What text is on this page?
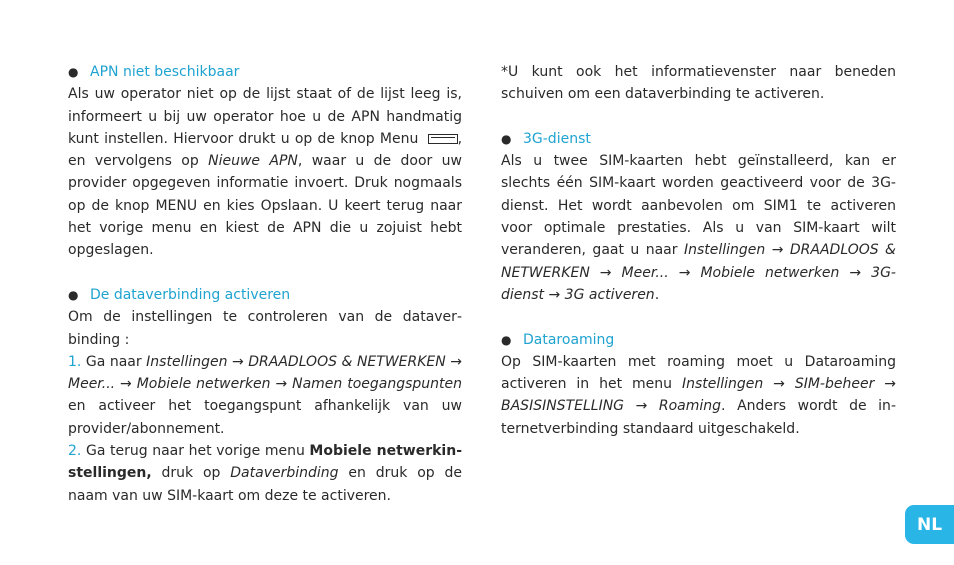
● APN niet beschikbaar

Als uw operator niet op de lijst staat of de lijst leeg is, informeert u bij uw operator hoe u de APN handmatig kunt instellen. Hiervoor drukt u op de knop Menu	, en vervolgens op Nieuwe APN, waar u de door uw provider opgegeven informatie invoert. Druk nogmaals op de knop MENU en kies Opslaan. U keert terug naar het vorige menu en kiest de APN die u zojuist hebt opgeslagen.

● De dataverbinding activeren

Om de instellingen te controleren van de dataverbinding :

1. Ga naar Instellingen → DRAADLOOS & NETWERKEN → Meer... → Mobiele netwerken → Namen toegangspunten en activeer het toegangspunt afhankelijk van uw provider/abonnement.

2. Ga terug naar het vorige menu Mobiele netwerkinstellingen, druk op Dataverbinding en druk op de naam van uw SIM-kaart om deze te activeren.

*U kunt ook het informatievenster naar beneden schuiven om een dataverbinding te activeren.

● 3G-dienst

Als u twee SIM-kaarten hebt geïnstalleerd, kan er slechts één SIM-kaart worden geactiveerd voor de 3G-dienst. Het wordt aanbevolen om SIM1 te activeren voor optimale prestaties. Als u van SIM-kaart wilt veranderen, gaat u naar Instellingen → DRAADLOOS & NETWERKEN → Meer... → Mobiele netwerken → 3G-dienst → 3G activeren.

● Dataroaming

Op SIM-kaarten met roaming moet u Dataroaming activeren in het menu Instellingen → SIM-beheer → BASISINSTELLING → Roaming. Anders wordt de internetverbinding standaard uitgeschakeld.

NL
